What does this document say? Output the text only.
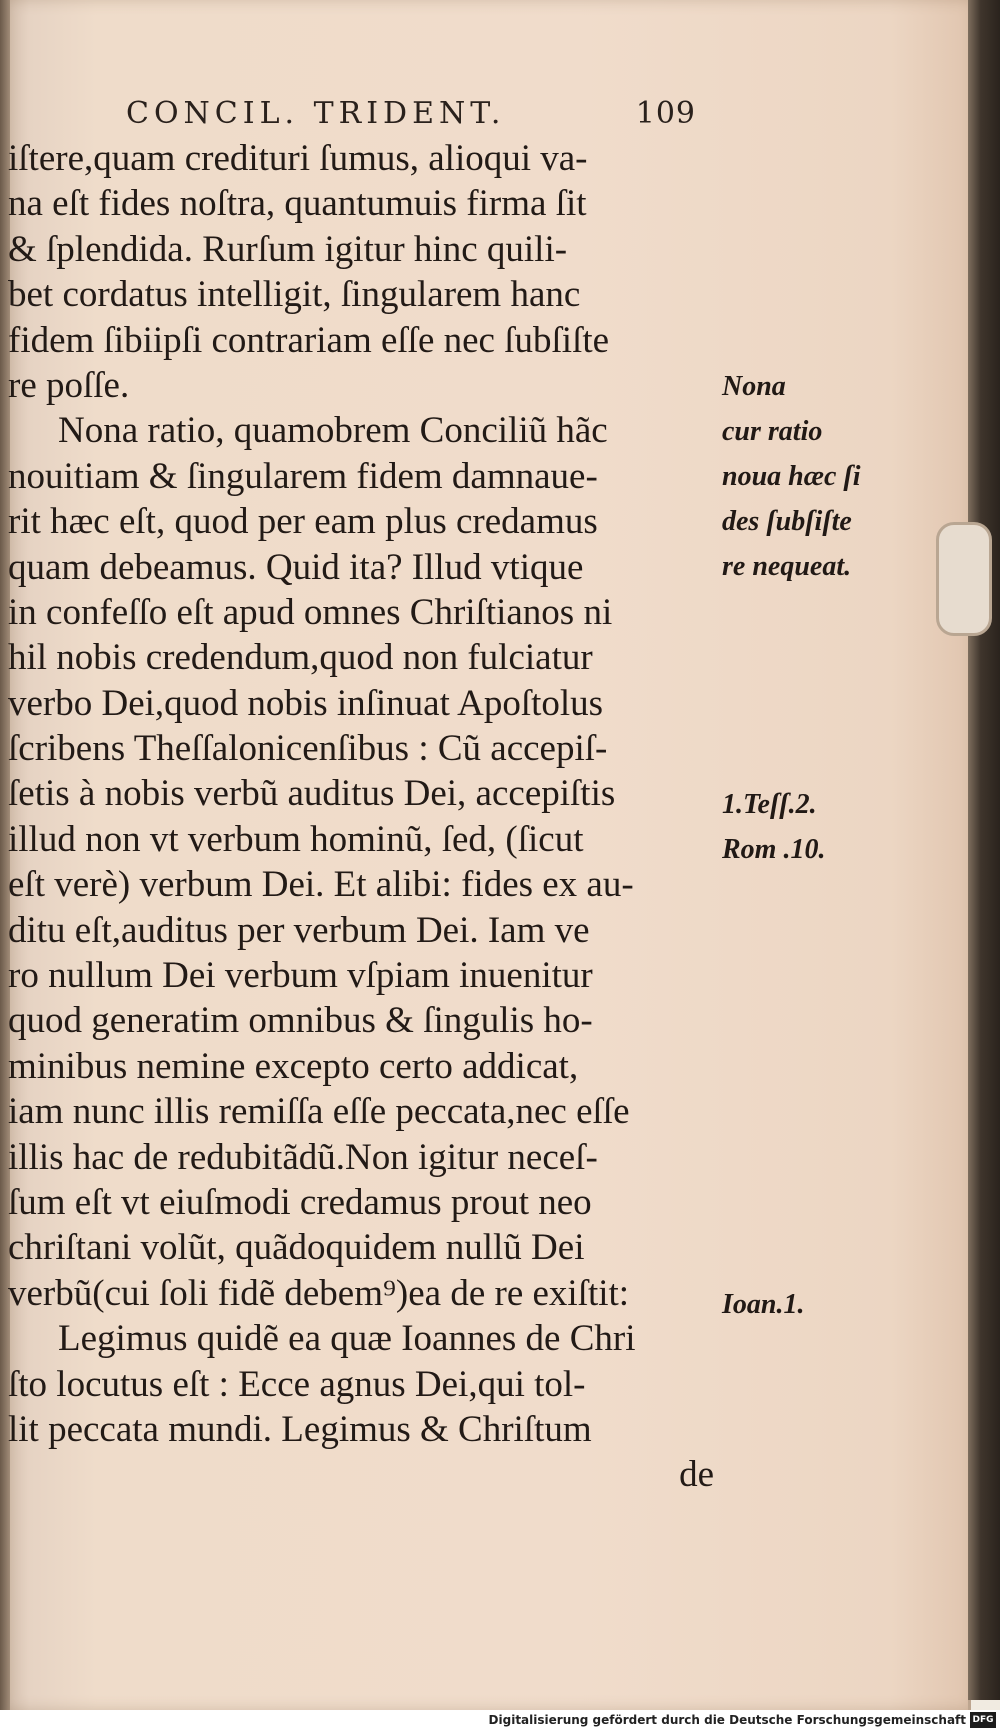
CONCIL. TRIDENT.	109
iſtere,quam credituri ſumus, alioqui va-
na eſt fides noſtra, quantumuis firma ſit
& ſplendida. Rurſum igitur hinc quili-
bet cordatus intelligit, ſingularem hanc
fidem ſibiipſi contrariam eſſe nec ſubſiſte
re poſſe.
Nona ratio, quamobrem Conciliũ hãc
nouitiam & ſingularem fidem damnaue-
rit hæc eſt, quod per eam plus credamus
quam debeamus. Quid ita? Illud vtique
in confeſſo eſt apud omnes Chriſtianos ni
hil nobis credendum,quod non fulciatur
verbo Dei,quod nobis inſinuat Apoſtolus
ſcribens Theſſalonicenſibus : Cũ accepiſ-
ſetis à nobis verbũ auditus Dei, accepiſtis
illud non vt verbum hominũ, ſed, (ſicut
eſt verè) verbum Dei. Et alibi: fides ex au-
ditu eſt,auditus per verbum Dei. Iam ve
ro nullum Dei verbum vſpiam inuenitur
quod generatim omnibus & ſingulis ho-
minibus nemine excepto certo addicat,
iam nunc illis remiſſa eſſe peccata,nec eſſe
illis hac de redubitãdũ.Non igitur neceſ-
ſum eſt vt eiuſmodi credamus prout neo
chriſtani volũt, quãdoquidem nullũ Dei
verbũ(cui ſoli fidẽ debem⁹)ea de re exiſtit:
Legimus quidẽ ea quæ Ioannes de Chri
ſto locutus eſt : Ecce agnus Dei,qui tol-
lit peccata mundi. Legimus & Chriſtum
de
Nona
cur ratio
noua hæc ſi
des ſubſiſte
re nequeat.
1.Teſſ.2.
Rom .10.
Ioan.1.
Digitalisierung gefördert durch die Deutsche Forschungsgemeinschaft DFG
